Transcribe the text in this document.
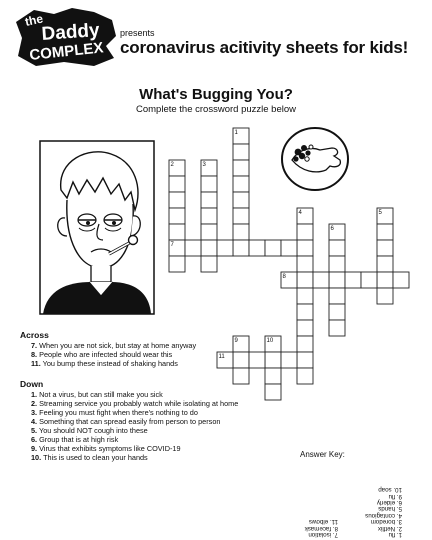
the
Daddy
COMPLEX
presents
coronavirus acitivity sheets for kids!
What's Bugging You?
Complete the crossword puzzle below
1
2	3
4	5
6
7
8
9	10
11
Across
7. When you are not sick, but stay at home anyway
8. People who are infected should wear this
11. You bump these instead of shaking hands
Down
1. Not a virus, but can still make you sick
2. Streaming service you probably watch while isolating at home
3. Feeling you must fight when there's nothing to do
4. Something that can spread easily from person to person
5. You should NOT cough into these
6. Group that is at high risk
9. Virus that exhibits symptoms like COVID-19
10. This is used to clean your hands	Answer Key:
1. flu
2. Netflix
3. boredom
4. contagious
5. hands
6. elderly
9. flu
10. soap
7. isolation
8. facemask
11. elbows
